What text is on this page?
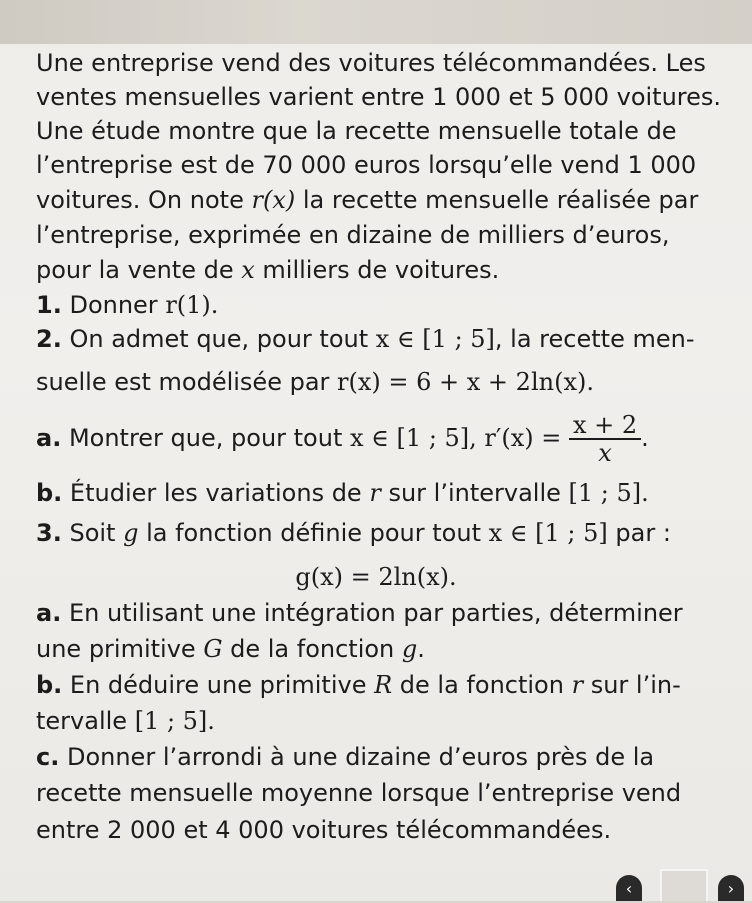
Une entreprise vend des voitures télécommandées. Les
ventes mensuelles varient entre 1 000 et 5 000 voitures.
Une étude montre que la recette mensuelle totale de
l’entreprise est de 70 000 euros lorsqu’elle vend 1 000
voitures. On note r(x) la recette mensuelle réalisée par
l’entreprise, exprimée en dizaine de milliers d’euros,
pour la vente de x milliers de voitures.
1. Donner r(1).
2. On admet que, pour tout x ∈ [1 ; 5], la recette men-
suelle est modélisée par r(x) = 6 + x + 2ln(x).
a. Montrer que, pour tout x ∈ [1 ; 5], $r'(x) = \frac{x + 2}{x}$ .
b. Étudier les variations de r sur l’intervalle [1 ; 5].
3. Soit g la fonction définie pour tout x ∈ [1 ; 5] par :
g(x) = 2ln(x).
a. En utilisant une intégration par parties, déterminer
une primitive G de la fonction g.
b. En déduire une primitive R de la fonction r sur l’in-
tervalle [1 ; 5].
c. Donner l’arrondi à une dizaine d’euros près de la
recette mensuelle moyenne lorsque l’entreprise vend
entre 2 000 et 4 000 voitures télécommandées.
‹	›
